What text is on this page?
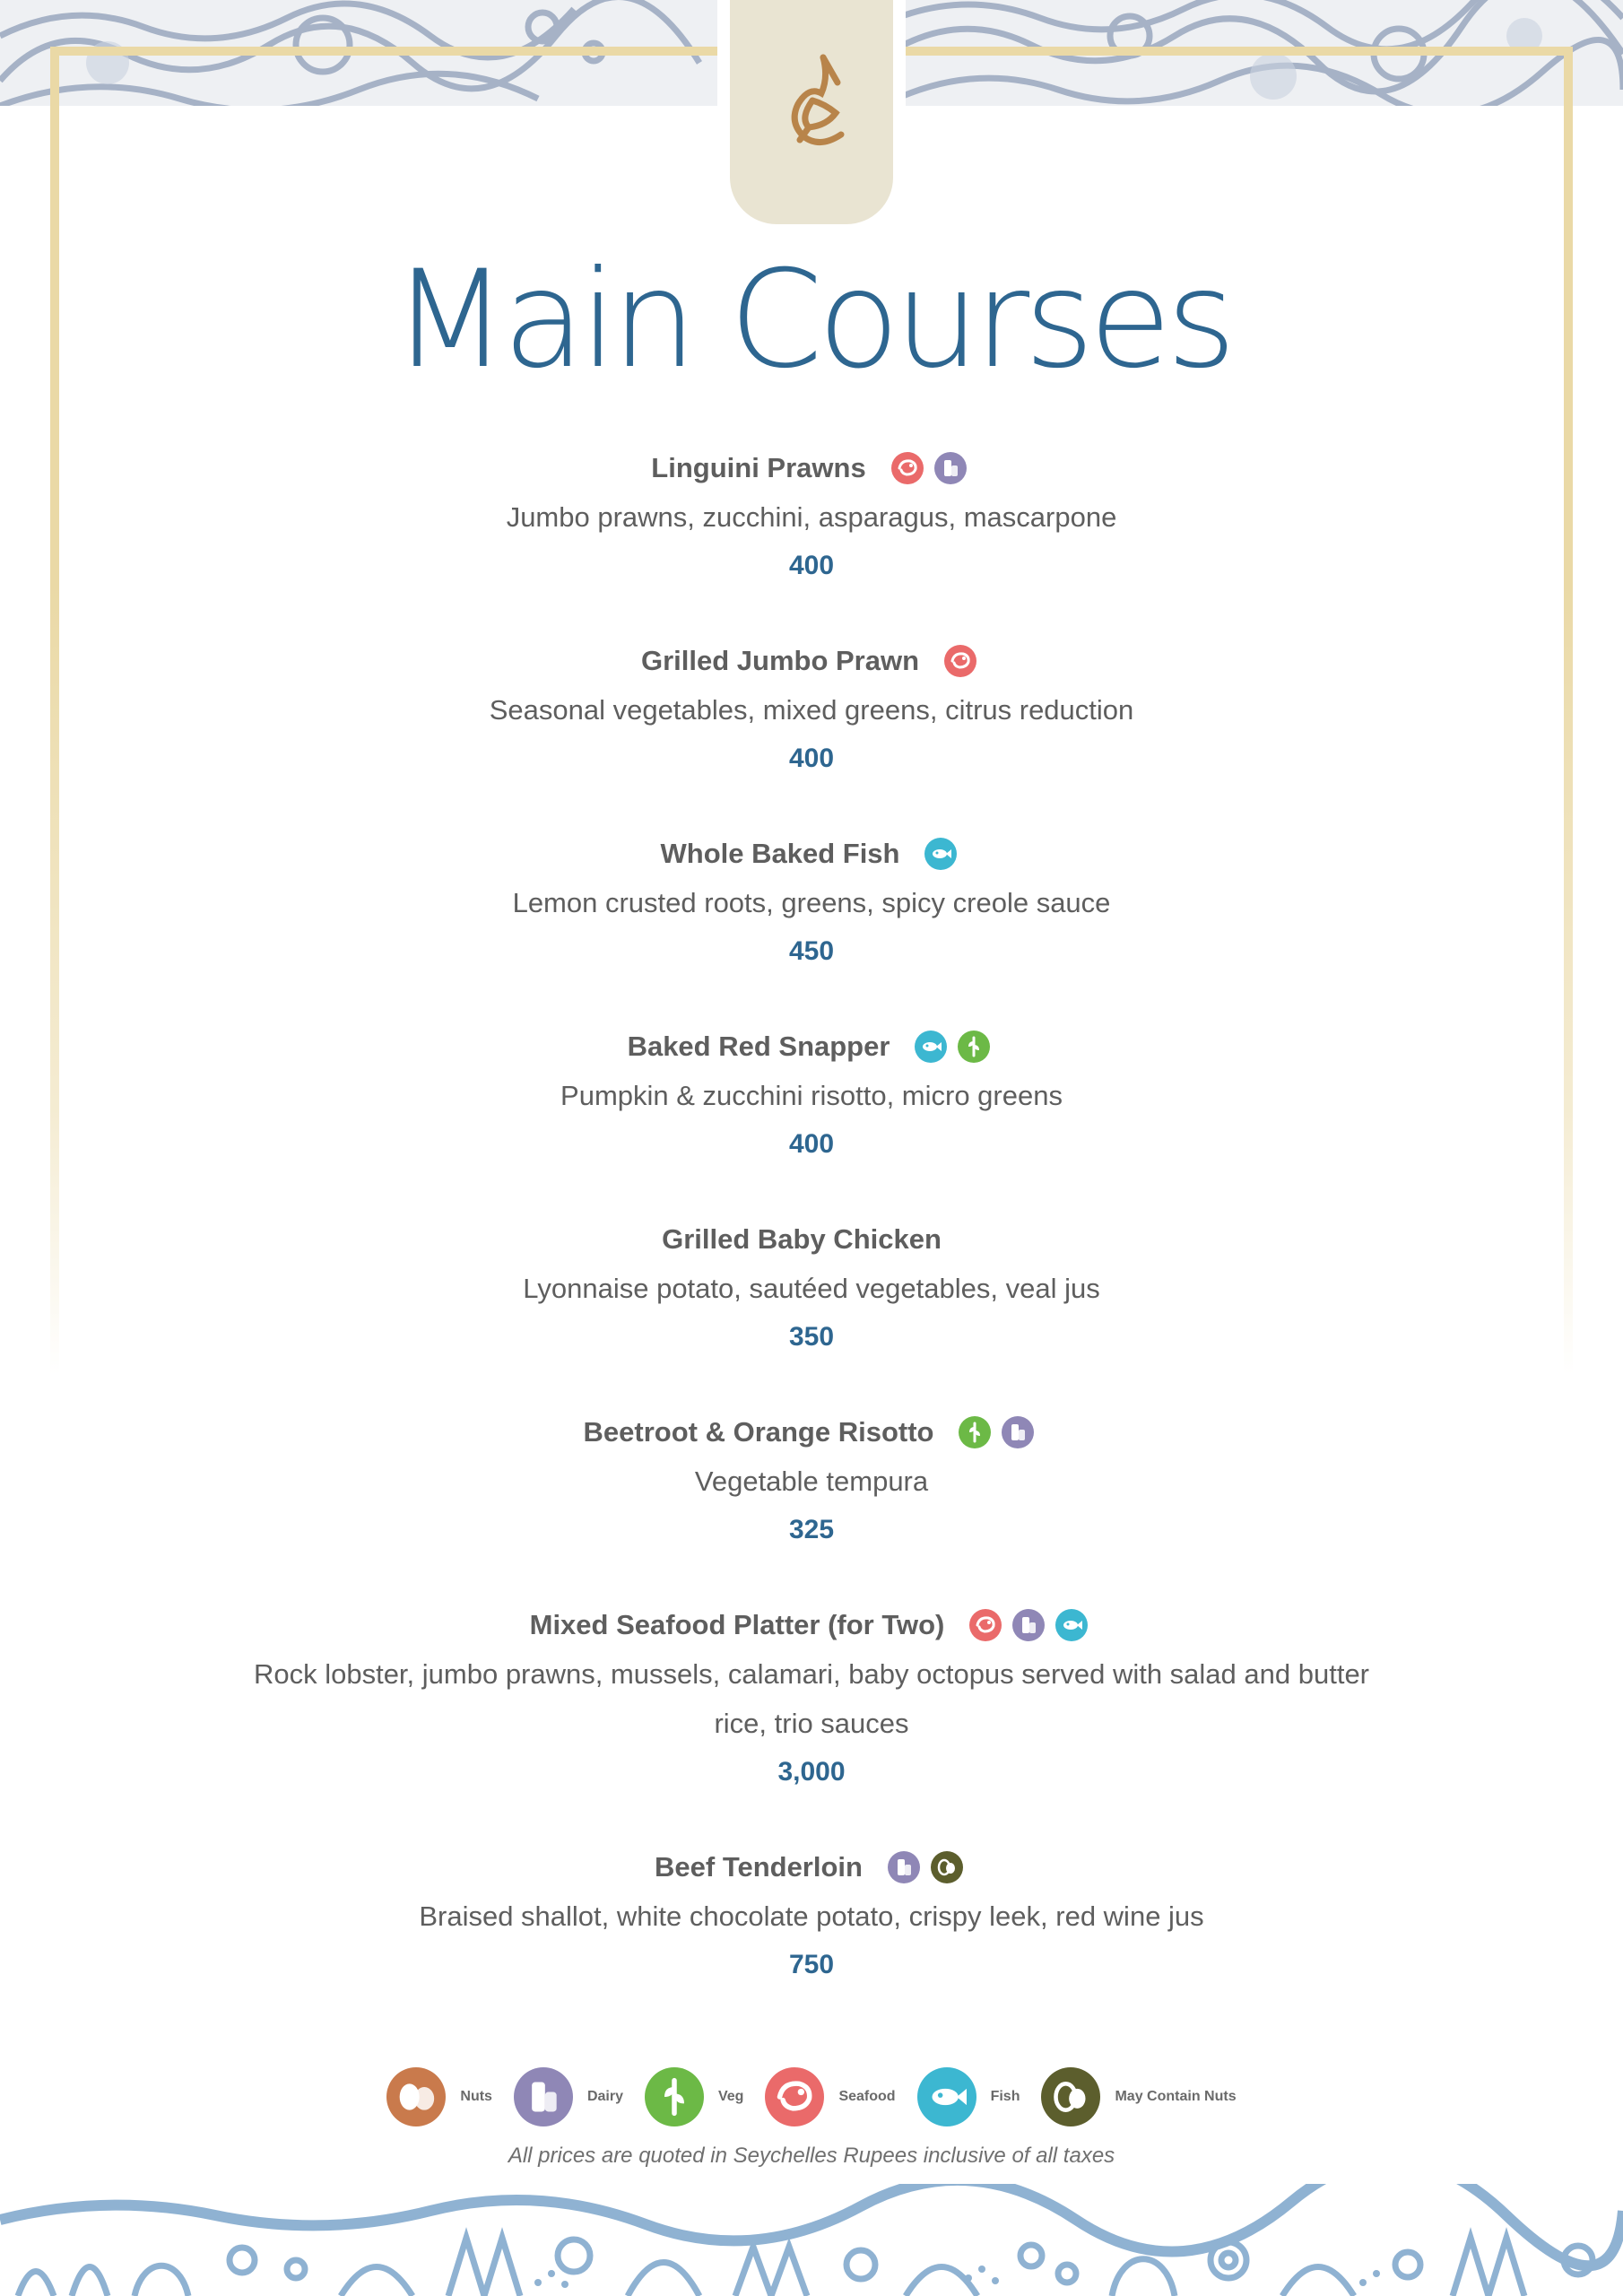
Main Courses
Linguini Prawns
Jumbo prawns, zucchini, asparagus, mascarpone
400
Grilled Jumbo Prawn
Seasonal vegetables, mixed greens, citrus reduction
400
Whole Baked Fish
Lemon crusted roots, greens, spicy creole sauce
450
Baked Red Snapper
Pumpkin & zucchini risotto, micro greens
400
Grilled Baby Chicken
Lyonnaise potato, sautéed vegetables, veal jus
350
Beetroot & Orange Risotto
Vegetable tempura
325
Mixed Seafood Platter (for Two)
Rock lobster, jumbo prawns, mussels, calamari, baby octopus served with salad and butter rice, trio sauces
3,000
Beef Tenderloin
Braised shallot, white chocolate potato, crispy leek, red wine jus
750
Nuts	Dairy	Veg	Seafood	Fish	May Contain Nuts
All prices are quoted in Seychelles Rupees inclusive of all taxes
